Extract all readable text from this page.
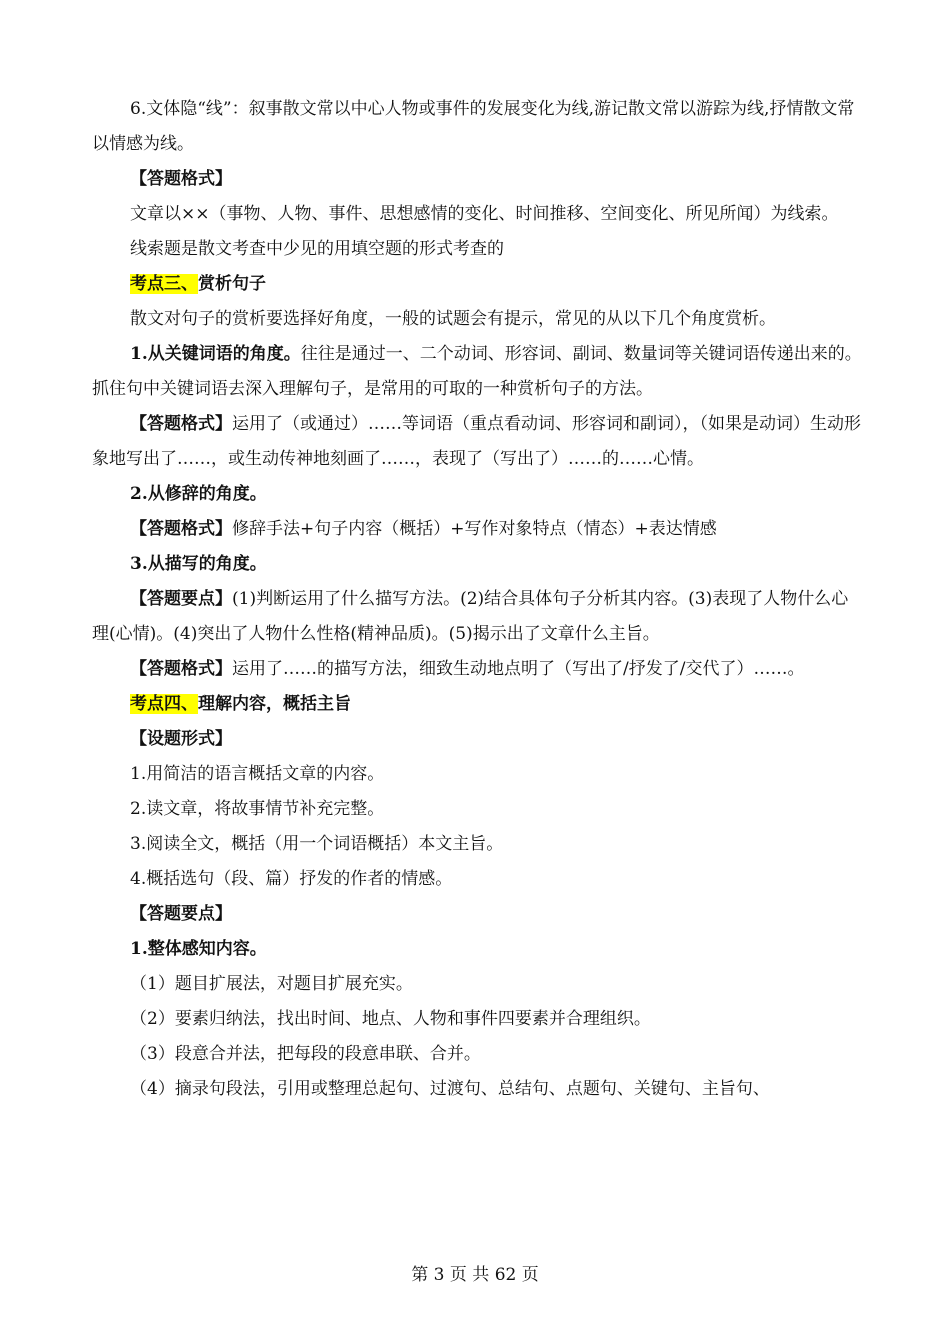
6.文体隐“线”：叙事散文常以中心人物或事件的发展变化为线,游记散文常以游踪为线,抒情散文常以情感为线。

【答题格式】

文章以××（事物、人物、事件、思想感情的变化、时间推移、空间变化、所见所闻）为线索。

线索题是散文考查中少见的用填空题的形式考查的

考点三、赏析句子

散文对句子的赏析要选择好角度，一般的试题会有提示，常见的从以下几个角度赏析。

1.从关键词语的角度。往往是通过一、二个动词、形容词、副词、数量词等关键词语传递出来的。抓住句中关键词语去深入理解句子，是常用的可取的一种赏析句子的方法。

【答题格式】运用了（或通过）……等词语（重点看动词、形容词和副词），（如果是动词）生动形象地写出了……，或生动传神地刻画了……，表现了（写出了）……的……心情。

2.从修辞的角度。

【答题格式】修辞手法+句子内容（概括）+写作对象特点（情态）+表达情感

3.从描写的角度。

【答题要点】(1)判断运用了什么描写方法。(2)结合具体句子分析其内容。(3)表现了人物什么心理(心情)。(4)突出了人物什么性格(精神品质)。(5)揭示出了文章什么主旨。

【答题格式】运用了……的描写方法，细致生动地点明了（写出了/抒发了/交代了）……。

考点四、理解内容，概括主旨

【设题形式】

1.用简洁的语言概括文章的内容。

2.读文章，将故事情节补充完整。

3.阅读全文，概括（用一个词语概括）本文主旨。

4.概括选句（段、篇）抒发的作者的情感。

【答题要点】

1.整体感知内容。

（1）题目扩展法，对题目扩展充实。

（2）要素归纳法，找出时间、地点、人物和事件四要素并合理组织。

（3）段意合并法，把每段的段意串联、合并。

（4）摘录句段法，引用或整理总起句、过渡句、总结句、点题句、关键句、主旨句、

第 3 页 共 62 页
